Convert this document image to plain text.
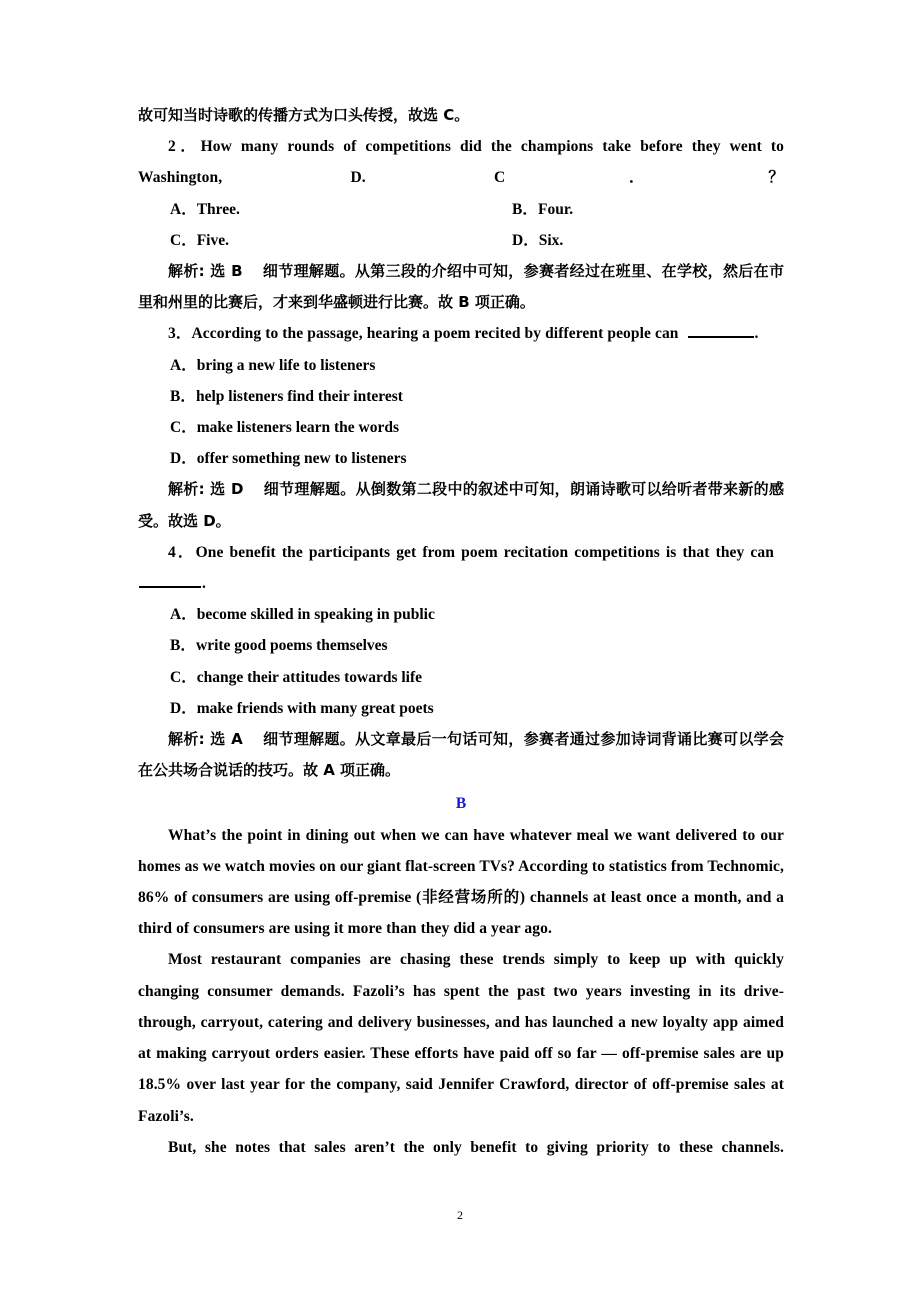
故可知当时诗歌的传播方式为口头传授，故选 C。
2．How many rounds of competitions did the champions take before they went to Washington, D. C．？
A．Three.	B．Four.
C．Five.	D．Six.
解析: 选 B 细节理解题。从第三段的介绍中可知，参赛者经过在班里、在学校，然后在市里和州里的比赛后，才来到华盛顿进行比赛。故 B 项正确。
3．According to the passage, hearing a poem recited by different people can	.
A．bring a new life to listeners
B．help listeners find their interest
C．make listeners learn the words
D．offer something new to listeners
解析: 选 D 细节理解题。从倒数第二段中的叙述中可知，朗诵诗歌可以给听者带来新的感受。故选 D。
4．One benefit the participants get from poem recitation competitions is that they can  .
A．become skilled in speaking in public
B．write good poems themselves
C．change their attitudes towards life
D．make friends with many great poets
解析: 选 A 细节理解题。从文章最后一句话可知，参赛者通过参加诗词背诵比赛可以学会在公共场合说话的技巧。故 A 项正确。
B
What’s the point in dining out when we can have whatever meal we want delivered to our homes as we watch movies on our giant flat-screen TVs? According to statistics from Technomic, 86% of consumers are using off-premise (非经营场所的) channels at least once a month, and a third of consumers are using it more than they did a year ago.
Most restaurant companies are chasing these trends simply to keep up with quickly changing consumer demands. Fazoli’s has spent the past two years investing in its drive-through, carryout, catering and delivery businesses, and has launched a new loyalty app aimed at making carryout orders easier. These efforts have paid off so far — off-premise sales are up 18.5% over last year for the company, said Jennifer Crawford, director of off-premise sales at Fazoli’s.
But, she notes that sales aren’t the only benefit to giving priority to these channels.
2
